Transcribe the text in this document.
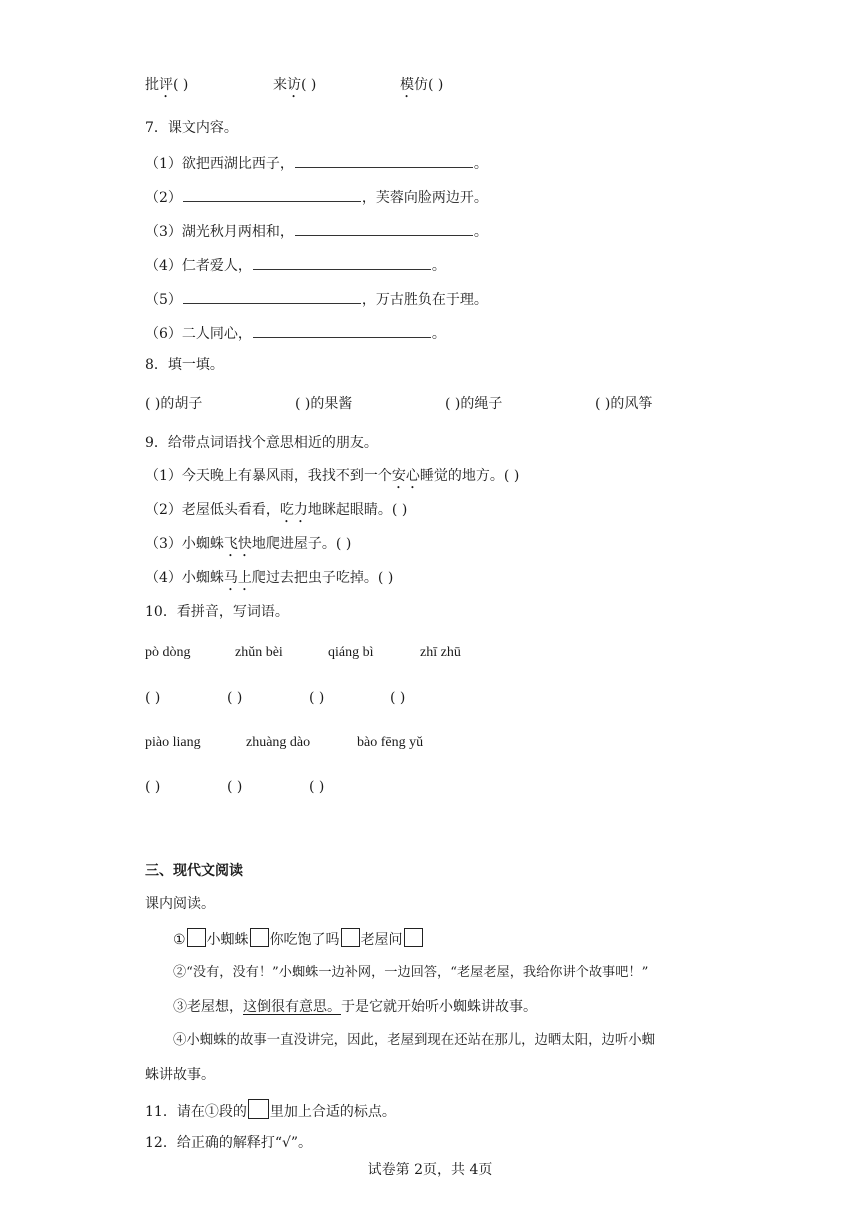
批评( )	来访( )	模仿( )
7．课文内容。
（1）欲把西湖比西子，	。
（2）	，芙蓉向脸两边开。
（3）湖光秋月两相和，	。
（4）仁者爱人，	。
（5）	，万古胜负在于理。
（6）二人同心，	。
8．填一填。
( )的胡子	( )的果酱	( )的绳子	( )的风筝
9．给带点词语找个意思相近的朋友。
（1）今天晚上有暴风雨，我找不到一个安心睡觉的地方。( )
（2）老屋低头看看，吃力地眯起眼睛。( )
（3）小蜘蛛飞快地爬进屋子。( )
（4）小蜘蛛马上爬过去把虫子吃掉。( )
10．看拼音，写词语。
pò dòng	zhǔn bèi	qiáng bì	zhī zhū
( )	( )	( )	( )
piào liang	zhuàng dào	bào fēng yǔ
( )	( )	( )
三、现代文阅读
课内阅读。
① 小蜘蛛 你吃饱了吗 老屋问
②“没有，没有！”小蜘蛛一边补网，一边回答，“老屋老屋，我给你讲个故事吧！”
③老屋想，这倒很有意思。于是它就开始听小蜘蛛讲故事。
④小蜘蛛的故事一直没讲完，因此，老屋到现在还站在那儿，边晒太阳，边听小蜘
蛛讲故事。
11．请在①段的 里加上合适的标点。
12．给正确的解释打“√”。
试卷第 2页，共 4页
